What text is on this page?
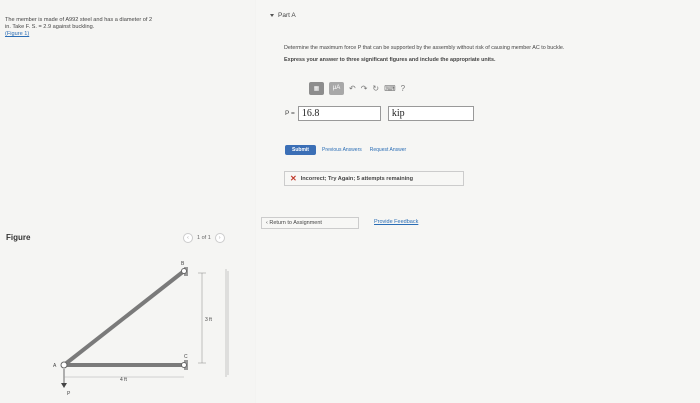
The member is made of A992 steel and has a diameter of 2
in. Take F. S. = 2.9 against buckling.
(Figure 1)
Figure	‹	1 of 1	›
B
A
C
P
3 ft
4 ft
Part A
Determine the maximum force P that can be supported by the assembly without risk of causing member AC to buckle.
Express your answer to three significant figures and include the appropriate units.
▦	μA	↶ ↷ ↻ ⌨ ?
P = 16.8	kip
Submit	Previous Answers Request Answer
✕ Incorrect; Try Again; 5 attempts remaining
‹ Return to Assignment	Provide Feedback
